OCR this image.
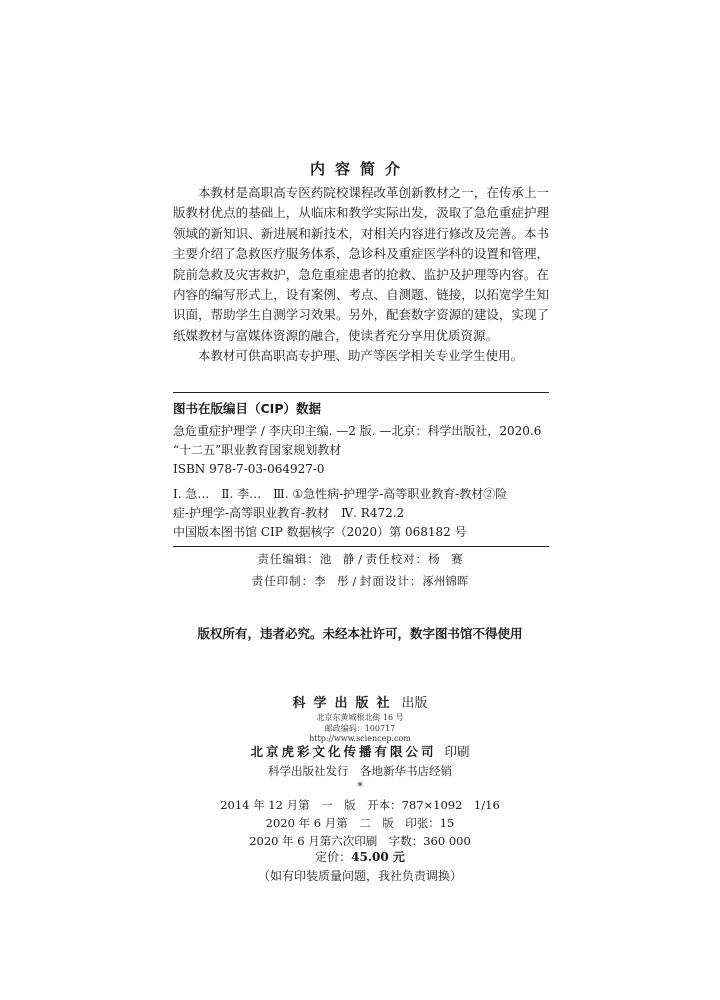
内容简介

本教材是高职高专医药院校课程改革创新教材之一，在传承上一版教材优点的基础上，从临床和教学实际出发，汲取了急危重症护理领域的新知识、新进展和新技术，对相关内容进行修改及完善。本书主要介绍了急救医疗服务体系，急诊科及重症医学科的设置和管理，院前急救及灾害救护，急危重症患者的抢救、监护及护理等内容。在内容的编写形式上，设有案例、考点、自测题、链接，以拓宽学生知识面，帮助学生自测学习效果。另外，配套数字资源的建设，实现了纸媒教材与富媒体资源的融合，使读者充分享用优质资源。

本教材可供高职高专护理、助产等医学相关专业学生使用。

图书在版编目（CIP）数据
急危重症护理学 / 李庆印主编. —2 版. —北京：科学出版社，2020.6
“十二五”职业教育国家规划教材
ISBN 978-7-03-064927-0
Ⅰ. 急…　Ⅱ. 李…　Ⅲ. ①急性病-护理学-高等职业教育-教材②险
症-护理学-高等职业教育-教材　Ⅳ. R472.2
中国版本图书馆 CIP 数据核字（2020）第 068182 号
责任编辑：池　静 / 责任校对：杨　赛
责任印制：李　彤 / 封面设计：涿州锦晖
版权所有，违者必究。未经本社许可，数字图书馆不得使用
科学出版社 出版
北京东黄城根北街 16 号
邮政编码：100717
http://www.sciencep.com
北京虎彩文化传播有限公司 印刷
科学出版社发行　各地新华书店经销
*
2014 年 12 月第　一　版　开本：787×1092　1/16
2020 年 6 月第　二　版　印张：15
2020 年 6 月第六次印刷　字数：360 000
定价：45.00 元
（如有印装质量问题，我社负责调换）
